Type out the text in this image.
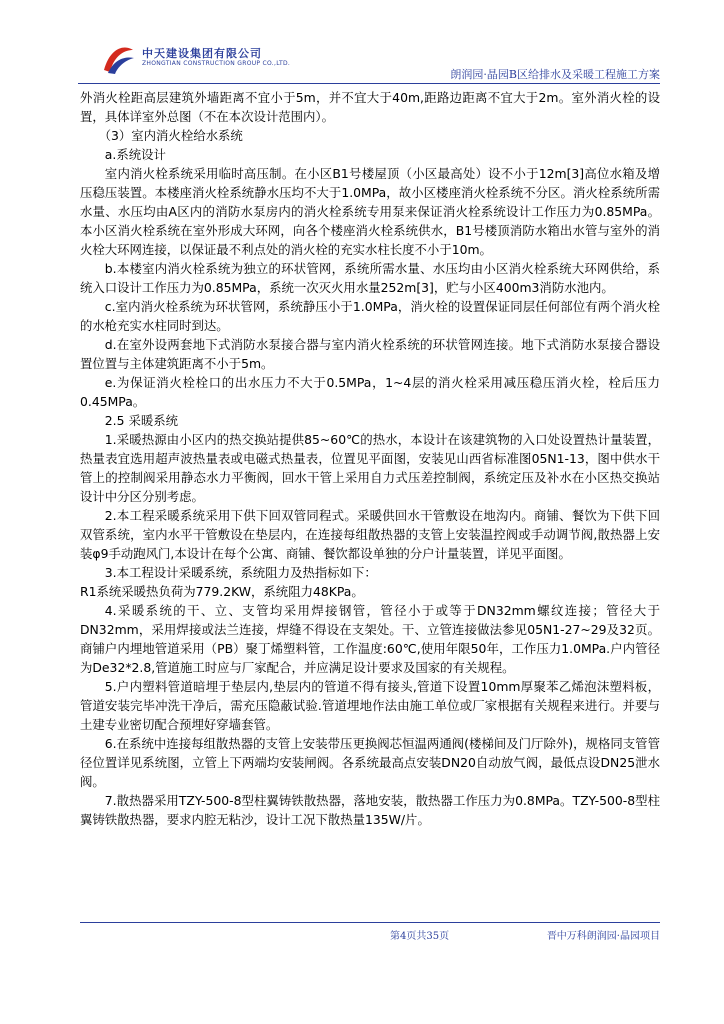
中天建设集团有限公司
ZHONGTIAN CONSTRUCTION GROUP CO.,LTD.
朗润园·晶园B区给排水及采暖工程施工方案

外消火栓距高层建筑外墙距离不宜小于5m，并不宜大于40m,距路边距离不宜大于2m。室外消火栓的设置，具体详室外总图（不在本次设计范围内）。

（3）室内消火栓给水系统

a.系统设计

室内消火栓系统采用临时高压制。在小区B1号楼屋顶（小区最高处）设不小于12m[3]高位水箱及增压稳压装置。本楼座消火栓系统静水压均不大于1.0MPa，故小区楼座消火栓系统不分区。消火栓系统所需水量、水压均由A区内的消防水泵房内的消火栓系统专用泵来保证消火栓系统设计工作压力为0.85MPa。本小区消火栓系统在室外形成大环网，向各个楼座消火栓系统供水，B1号楼顶消防水箱出水管与室外的消火栓大环网连接，以保证最不利点处的消火栓的充实水柱长度不小于10m。

b.本楼室内消火栓系统为独立的环状管网，系统所需水量、水压均由小区消火栓系统大环网供给，系统入口设计工作压力为0.85MPa，系统一次灭火用水量252m[3]，贮与小区400m3消防水池内。

c.室内消火栓系统为环状管网，系统静压小于1.0MPa，消火栓的设置保证同层任何部位有两个消火栓的水枪充实水柱同时到达。

d.在室外设两套地下式消防水泵接合器与室内消火栓系统的环状管网连接。地下式消防水泵接合器设置位置与主体建筑距离不小于5m。

e.为保证消火栓栓口的出水压力不大于0.5MPa，1~4层的消火栓采用减压稳压消火栓，栓后压力0.45MPa。

2.5 采暖系统

1.采暖热源由小区内的热交换站提供85~60℃的热水，本设计在该建筑物的入口处设置热计量装置，热量表宜选用超声波热量表或电磁式热量表，位置见平面图，安装见山西省标准图05N1-13，图中供水干管上的控制阀采用静态水力平衡阀，回水干管上采用自力式压差控制阀，系统定压及补水在小区热交换站设计中分区分别考虑。

2.本工程采暖系统采用下供下回双管同程式。采暖供回水干管敷设在地沟内。商铺、餐饮为下供下回双管系统，室内水平干管敷设在垫层内，在连接每组散热器的支管上安装温控阀或手动调节阀,散热器上安装φ9手动跑风门,本设计在每个公寓、商铺、餐饮都设单独的分户计量装置，详见平面图。

3.本工程设计采暖系统，系统阻力及热指标如下：

R1系统采暖热负荷为779.2KW，系统阻力48KPa。

4.采暖系统的干、立、支管均采用焊接钢管，管径小于或等于DN32mm螺纹连接；管径大于DN32mm，采用焊接或法兰连接，焊缝不得设在支架处。干、立管连接做法参见05N1-27~29及32页。商铺户内埋地管道采用（PB）聚丁烯塑料管，工作温度:60℃,使用年限50年，工作压力1.0MPa.户内管径为De32*2.8,管道施工时应与厂家配合，并应满足设计要求及国家的有关规程。

5.户内塑料管道暗埋于垫层内,垫层内的管道不得有接头,管道下设置10mm厚聚苯乙烯泡沫塑料板，管道安装完毕冲洗干净后，需充压隐蔽试验.管道埋地作法由施工单位或厂家根据有关规程来进行。并要与土建专业密切配合预埋好穿墙套管。

6.在系统中连接每组散热器的支管上安装带压更换阀芯恒温两通阀(楼梯间及门厅除外)，规格同支管管径位置详见系统图，立管上下两端均安装闸阀。各系统最高点安装DN20自动放气阀，最低点设DN25泄水阀。

7.散热器采用TZY-500-8型柱翼铸铁散热器，落地安装，散热器工作压力为0.8MPa。TZY-500-8型柱翼铸铁散热器，要求内腔无粘沙，设计工况下散热量135W/片。

第4页共35页	晋中万科朗润园·晶园项目
